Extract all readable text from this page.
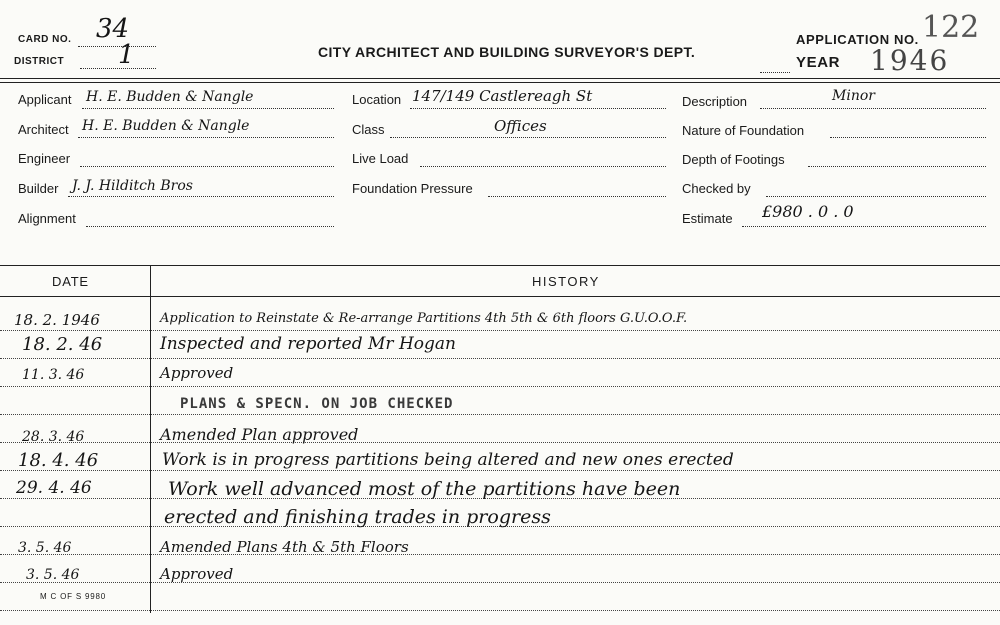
CARD NO. 34
DISTRICT 1	CITY ARCHITECT AND BUILDING SURVEYOR'S DEPT.
APPLICATION NO. 122
YEAR 1946
Applicant H. E. Budden & Nangle
Architect H. E. Budden & Nangle
Engineer
Builder J. J. Hilditch Bros
Alignment
Location 147/149 Castlereagh St
Class	Offices
Live Load
Foundation Pressure
Description	Minor
Nature of Foundation
Depth of Footings
Checked by
Estimate £980 . 0 . 0
DATE	HISTORY
18. 2. 1946	Application to Reinstate & Re-arrange Partitions 4th 5th & 6th floors G.U.O.O.F.
18. 2. 46	Inspected and reported Mr Hogan
11. 3. 46	Approved
PLANS & SPECN. ON JOB CHECKED
28. 3. 46	Amended Plan approved
18. 4. 46	Work is in progress partitions being altered and new ones erected
29. 4. 46	Work well advanced most of the partitions have been
erected and finishing trades in progress
3. 5. 46	Amended Plans 4th & 5th Floors
3. 5. 46	Approved
M C OF S 9980
